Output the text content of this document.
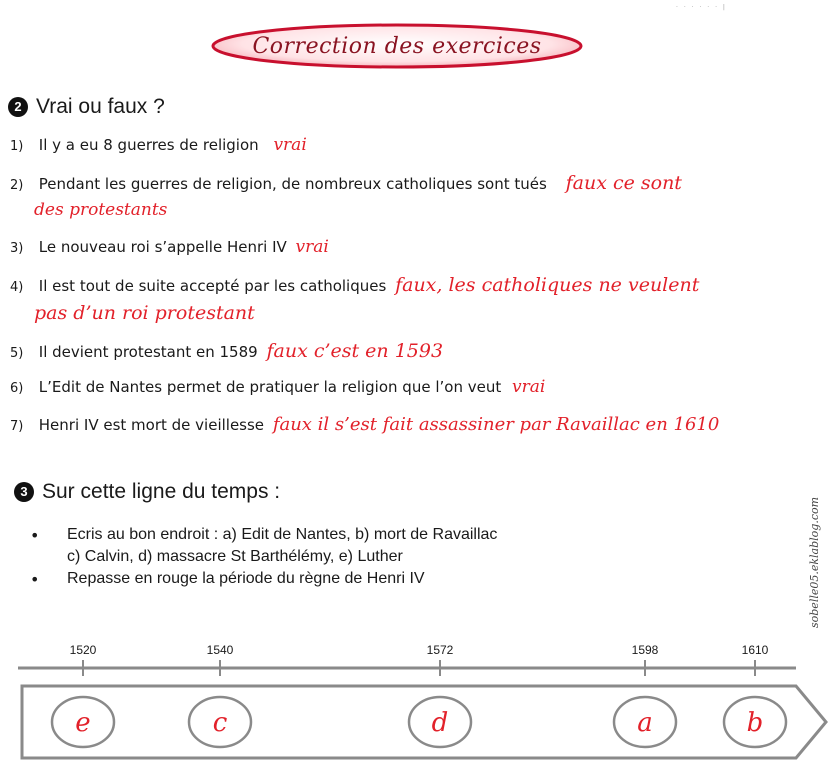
Correction des exercices
· · · · · · |
2 Vrai ou faux ?
1) Il y a eu 8 guerres de religion vrai
2) Pendant les guerres de religion, de nombreux catholiques sont tués faux ce sont
des protestants
3) Le nouveau roi s’appelle Henri IV vrai
4) Il est tout de suite accepté par les catholiques faux, les catholiques ne veulent
pas d’un roi protestant
5) Il devient protestant en 1589 faux c’est en 1593
6) L’Edit de Nantes permet de pratiquer la religion que l’on veut vrai
7) Henri IV est mort de vieillesse faux il s’est fait assassiner par Ravaillac en 1610
3 Sur cette ligne du temps :
• Ecris au bon endroit : a) Edit de Nantes, b) mort de Ravaillac
c) Calvin, d) massacre St Barthélémy, e) Luther
• Repasse en rouge la période du règne de Henri IV	sobelle05.eklablog.com
1520
e
1540
c
1572
d
1598
a
1610
b
